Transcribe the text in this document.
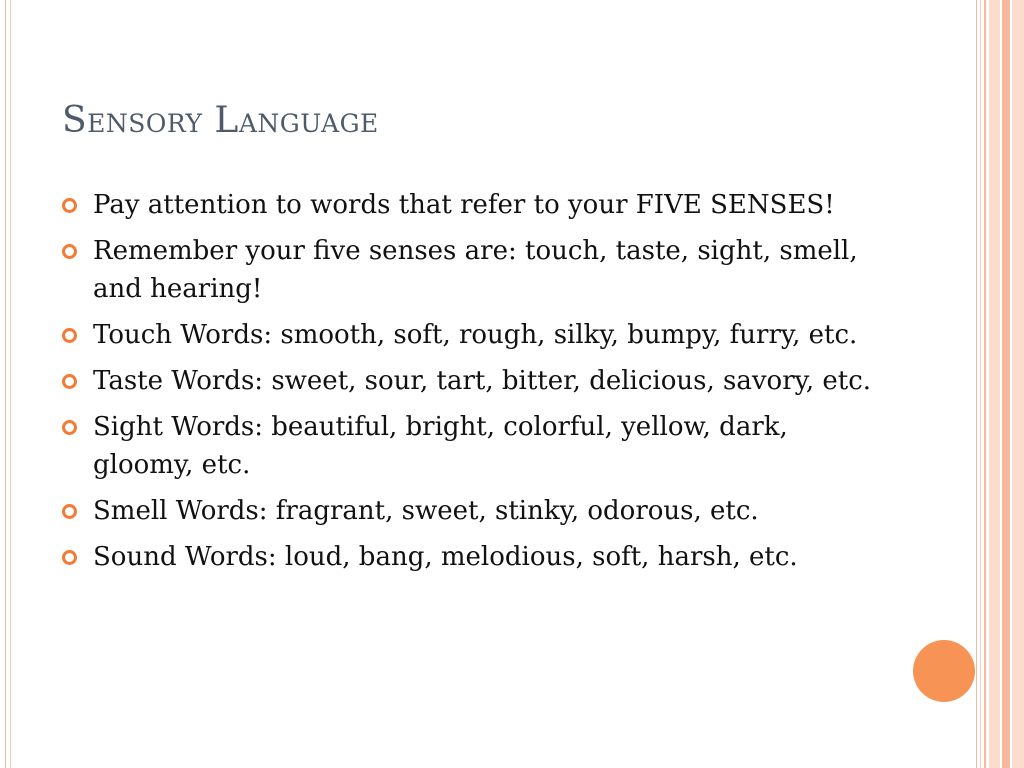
Sensory Language
Pay attention to words that refer to your FIVE SENSES!
Remember your five senses are: touch, taste, sight, smell, and hearing!
Touch Words: smooth, soft, rough, silky, bumpy, furry, etc.
Taste Words: sweet, sour, tart, bitter, delicious, savory, etc.
Sight Words: beautiful, bright, colorful, yellow, dark, gloomy, etc.
Smell Words: fragrant, sweet, stinky, odorous, etc.
Sound Words: loud, bang, melodious, soft, harsh, etc.
